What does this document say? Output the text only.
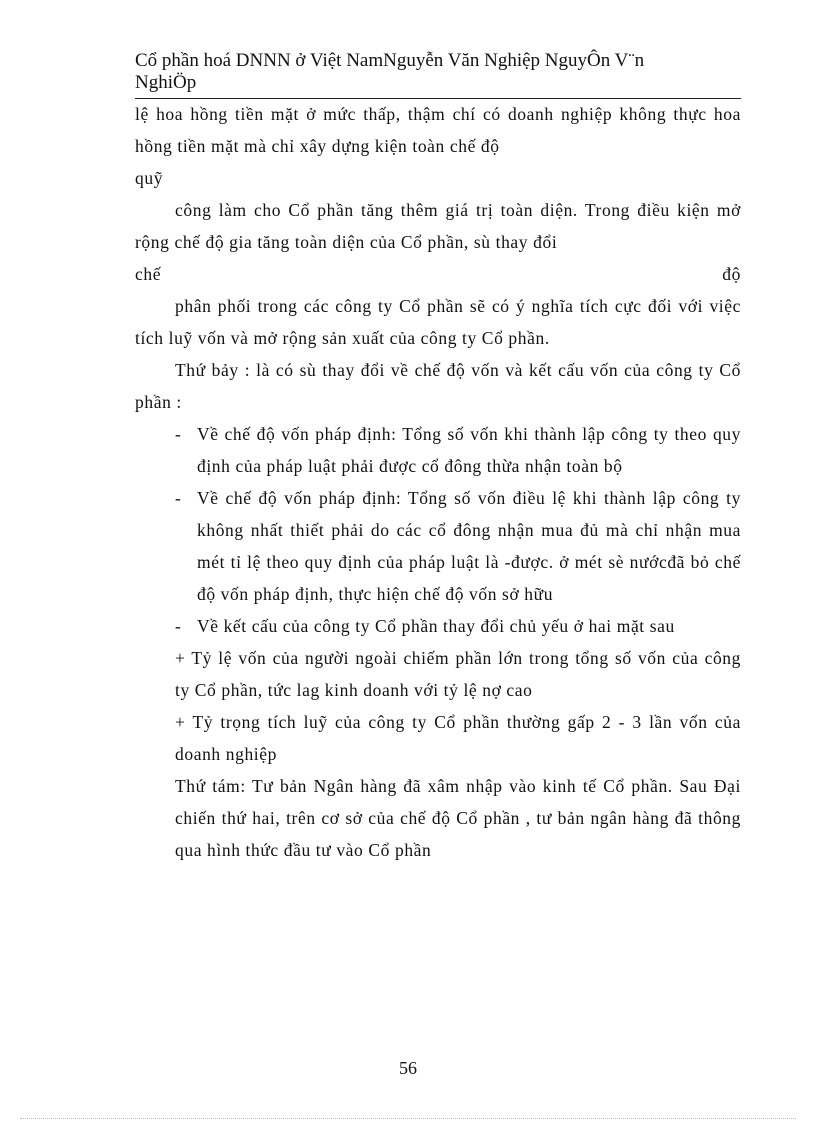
Cổ phần hoá DNNN ở Việt NamNguyễn Văn Nghiệp NguyÔn V¨n
NghiÖp

lệ hoa hồng tiền mặt ở mức thấp, thậm chí có doanh nghiệp không thực hoa hồng tiền mặt mà chỉ xây dựng kiện toàn chế độ

quỹ

công làm cho Cổ phần tăng thêm giá trị toàn diện. Trong điều kiện mở rộng chế độ gia tăng toàn diện của Cổ phần, sù thay đổi

chế	độ

phân phối trong các công ty Cổ phần sẽ có ý nghĩa tích cực đối với việc tích luỹ vốn và mở rộng sản xuất của công ty Cổ phần.

Thứ bảy : là có sù thay đổi về chế độ vốn và kết cấu vốn của công ty Cổ phần :

- Về chế độ vốn pháp định: Tổng số vốn khi thành lập công ty theo quy định của pháp luật phải được cổ đông thừa nhận toàn bộ
- Về chế độ vốn pháp định: Tổng số vốn điều lệ khi thành lập công ty không nhất thiết phải do các cổ đông nhận mua đủ mà chỉ nhận mua mét tỉ lệ theo quy định của pháp luật là -được. ở mét sè nướcđã bỏ chế độ vốn pháp định, thực hiện chế độ vốn sở hữu
- Về kết cấu của công ty Cổ phần thay đổi chủ yếu ở hai mặt sau

+ Tỷ lệ vốn của người ngoài chiếm phần lớn trong tổng số vốn của công ty Cổ phần, tức lag kinh doanh với tỷ lệ nợ cao

+ Tỷ trọng tích luỹ của công ty Cổ phần thường gấp 2 - 3 lần vốn của doanh nghiệp

Thứ tám: Tư bản Ngân hàng đã xâm nhập vào kinh tế Cổ phần. Sau Đại chiến thứ hai, trên cơ sở của chế độ Cổ phần , tư bản ngân hàng đã thông qua hình thức đầu tư vào Cổ phần

56
